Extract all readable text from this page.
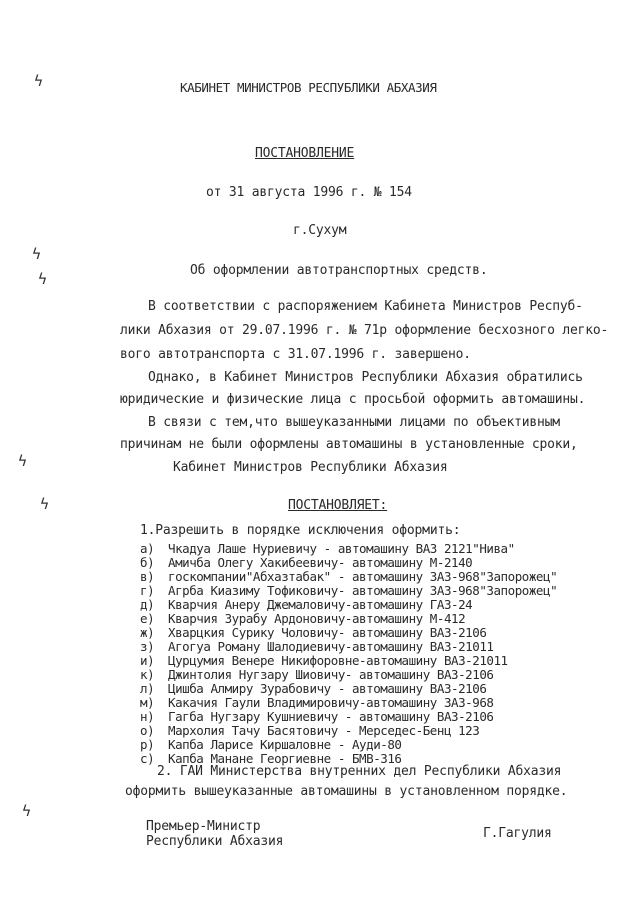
ϟ
ϟ
ϟ
ϟ
ϟ
ϟ
КАБИНЕТ МИНИСТРОВ РЕСПУБЛИКИ АБХАЗИЯ
ПОСТАНОВЛЕНИЕ
от 31 августа 1996 г. № 154
г.Сухум
Об оформлении автотранспортных средств.
В соответствии с распоряжением Кабинета Министров Респуб-
лики Абхазия от 29.07.1996 г. № 71р оформление бесхозного легко-
вого автотранспорта с 31.07.1996 г. завершено.
Однако, в Кабинет Министров Республики Абхазия обратились
юридические и физические лица с просьбой оформить автомашины.
В связи с тем,что вышеуказанными лицами по объективным
причинам не были оформлены автомашины в установленные сроки,
Кабинет Министров Республики Абхазия
ПОСТАНОВЛЯЕТ:
1.Разрешить в порядке исключения оформить:
а) Чкадуа Лаше Нуриевичу - автомашину ВАЗ 2121"Нива"
б) Амичба Олегу Хакибеевичу- автомашину М-2140
в) госкомпании"Абхазтабак" - автомашину ЗАЗ-968"Запорожец"
г) Агрба Киазиму Тофиковичу- автомашину ЗАЗ-968"Запорожец"
д) Кварчия Анеру Джемаловичу-автомашину ГАЗ-24
е) Кварчия Зурабу Ардоновичу-автомашину М-412
ж) Хварцкия Сурику Чоловичу- автомашину ВАЗ-2106
з) Агогуа Роману Шалодиевичу-автомашину ВАЗ-21011
и) Цурцумия Венере Никифоровне-автомашину ВАЗ-21011
к) Джинтолия Нугзару Шиовичу- автомашину ВАЗ-2106
л) Цишба Алмиру Зурабовичу - автомашину ВАЗ-2106
м) Какачия Гаули Владимировичу-автомашину ЗАЗ-968
н) Гагба Нугзару Кушниевичу - автомашину ВАЗ-2106
о) Мархолия Тачу Басятовичу - Мерседес-Бенц 123
р) Капба Ларисе Киршаловне - Ауди-80
с) Капба Манане Георгиевне - БМВ-316
2. ГАИ Министерства внутренних дел Республики Абхазия
оформить вышеуказанные автомашины в установленном порядке.
Премьер-Министр
Республики Абхазия
Г.Гагулия
